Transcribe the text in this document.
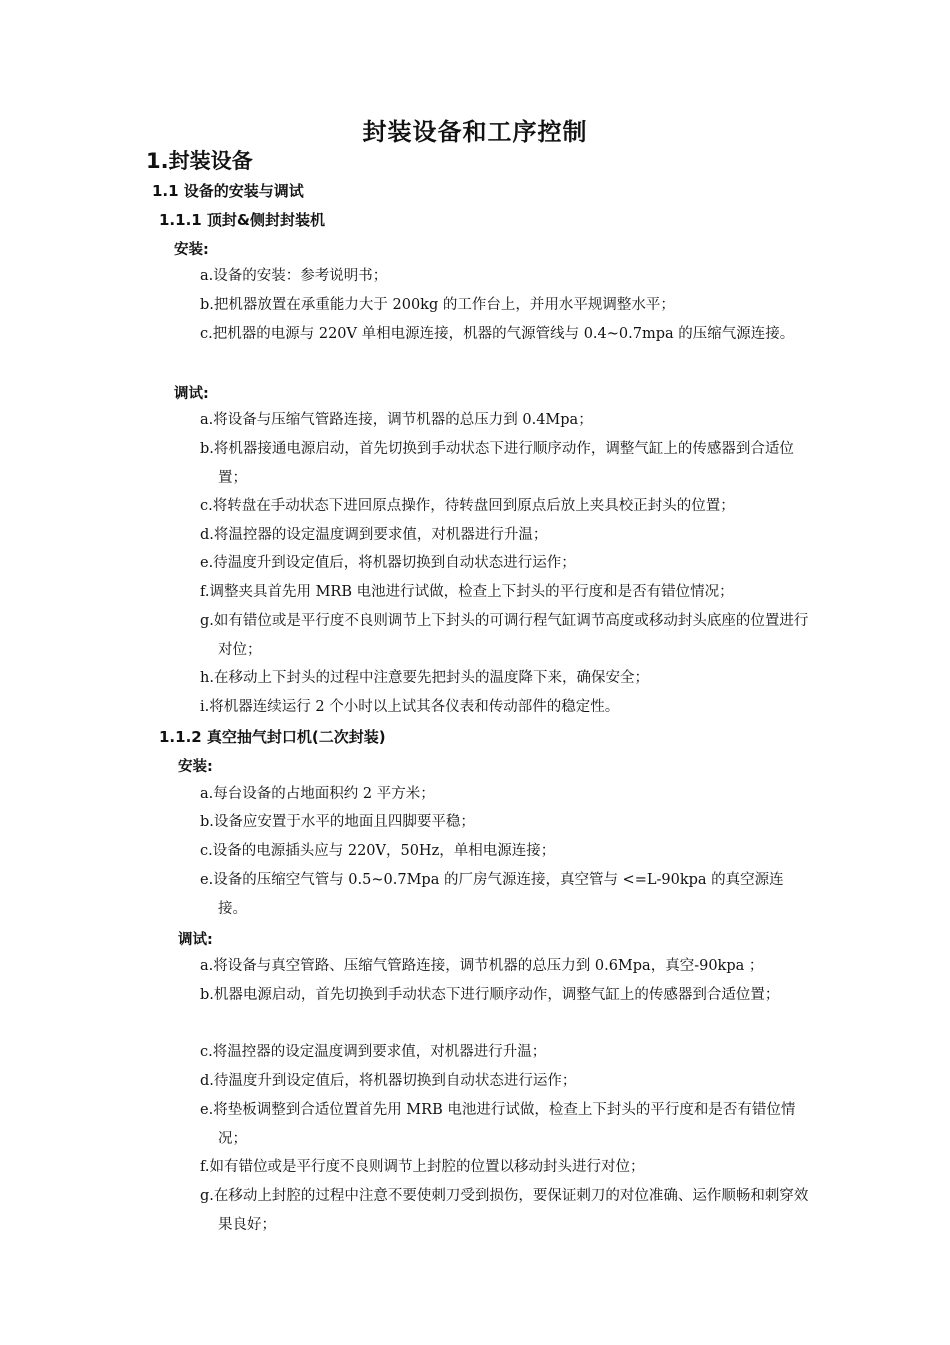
封装设备和工序控制
1.封装设备
1.1 设备的安装与调试
1.1.1 顶封&侧封封装机
安装:
a.设备的安装：参考说明书；
b.把机器放置在承重能力大于 200kg 的工作台上，并用水平规调整水平；
c.把机器的电源与 220V 单相电源连接，机器的气源管线与 0.4~0.7mpa 的压缩气源连接。
调试:
a.将设备与压缩气管路连接，调节机器的总压力到 0.4Mpa；
b.将机器接通电源启动，首先切换到手动状态下进行顺序动作，调整气缸上的传感器到合适位置；
c.将转盘在手动状态下进回原点操作，待转盘回到原点后放上夹具校正封头的位置；
d.将温控器的设定温度调到要求值，对机器进行升温；
e.待温度升到设定值后，将机器切换到自动状态进行运作；
f.调整夹具首先用 MRB 电池进行试做，检查上下封头的平行度和是否有错位情况；
g.如有错位或是平行度不良则调节上下封头的可调行程气缸调节高度或移动封头底座的位置进行对位；
h.在移动上下封头的过程中注意要先把封头的温度降下来，确保安全；
i.将机器连续运行 2 个小时以上试其各仪表和传动部件的稳定性。
1.1.2 真空抽气封口机(二次封装)
安装:
a.每台设备的占地面积约 2 平方米；
b.设备应安置于水平的地面且四脚要平稳；
c.设备的电源插头应与 220V，50Hz，单相电源连接；
e.设备的压缩空气管与 0.5~0.7Mpa 的厂房气源连接，真空管与 <=L-90kpa 的真空源连接。
调试:
a.将设备与真空管路、压缩气管路连接，调节机器的总压力到 0.6Mpa，真空-90kpa ；
b.机器电源启动，首先切换到手动状态下进行顺序动作，调整气缸上的传感器到合适位置；
c.将温控器的设定温度调到要求值，对机器进行升温；
d.待温度升到设定值后，将机器切换到自动状态进行运作；
e.将垫板调整到合适位置首先用 MRB 电池进行试做，检查上下封头的平行度和是否有错位情况；
f.如有错位或是平行度不良则调节上封腔的位置以移动封头进行对位；
g.在移动上封腔的过程中注意不要使刺刀受到损伤，要保证刺刀的对位准确、运作顺畅和刺穿效果良好；
